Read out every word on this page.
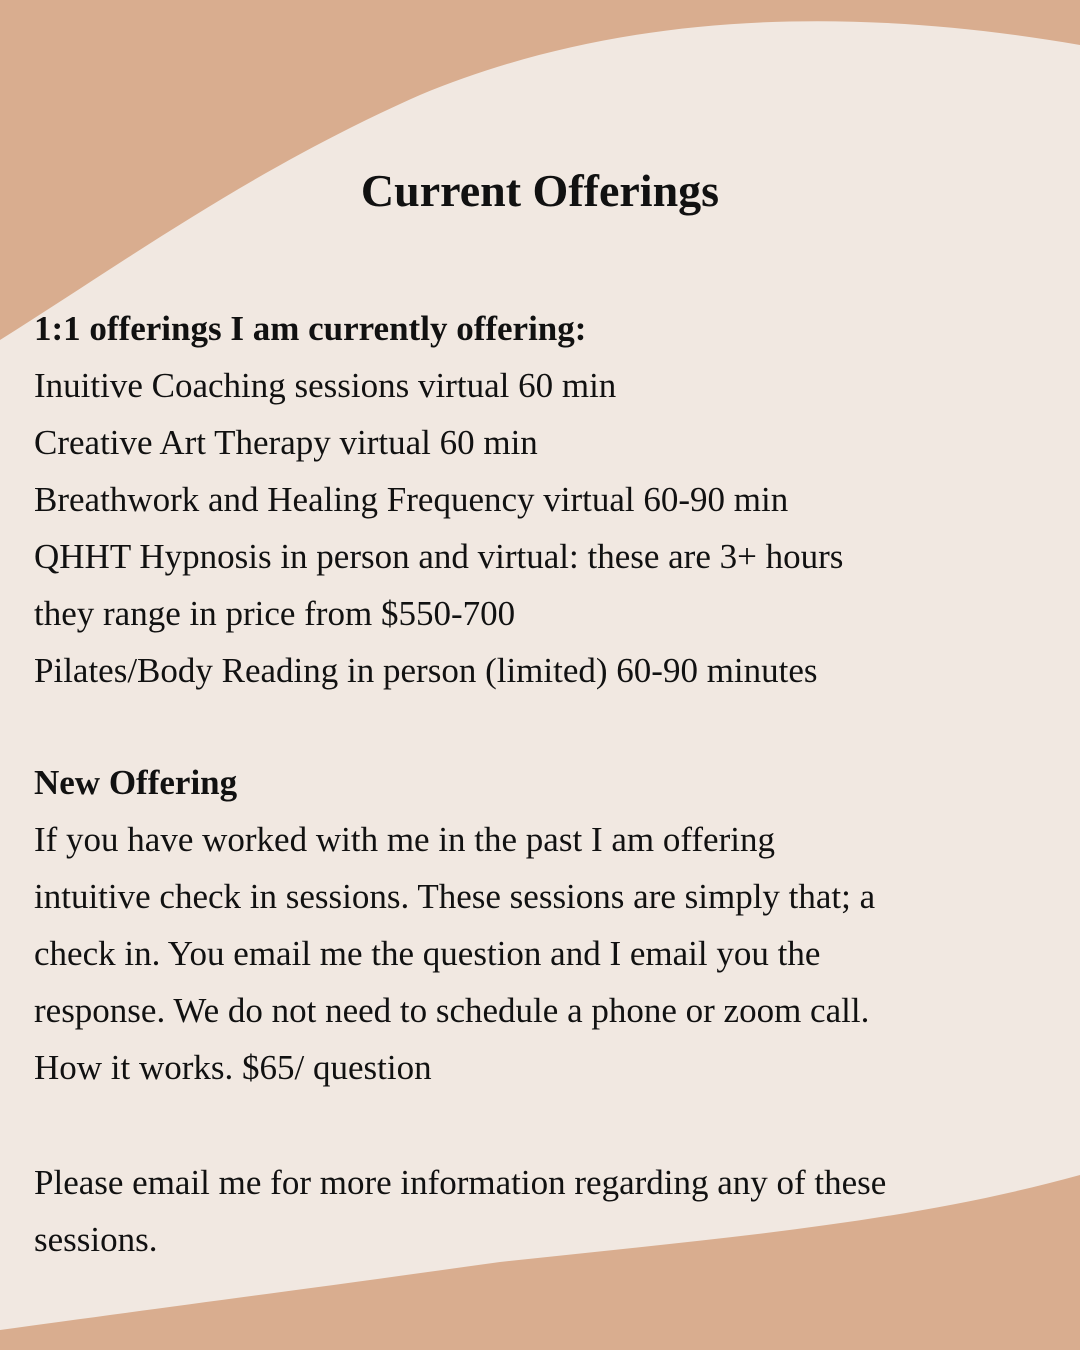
Current Offerings
1:1 offerings I am currently offering:
Inuitive Coaching sessions virtual 60 min
Creative Art Therapy virtual 60 min
Breathwork and Healing Frequency virtual 60-90 min
QHHT Hypnosis in person and virtual: these are 3+ hours
they range in price from $550-700
Pilates/Body Reading in person (limited) 60-90 minutes
New Offering
If you have worked with me in the past I am offering
intuitive check in sessions. These sessions are simply that; a
check in. You email me the question and I email you the
response. We do not need to schedule a phone or zoom call.
How it works. $65/ question
Please email me for more information regarding any of these
sessions.
